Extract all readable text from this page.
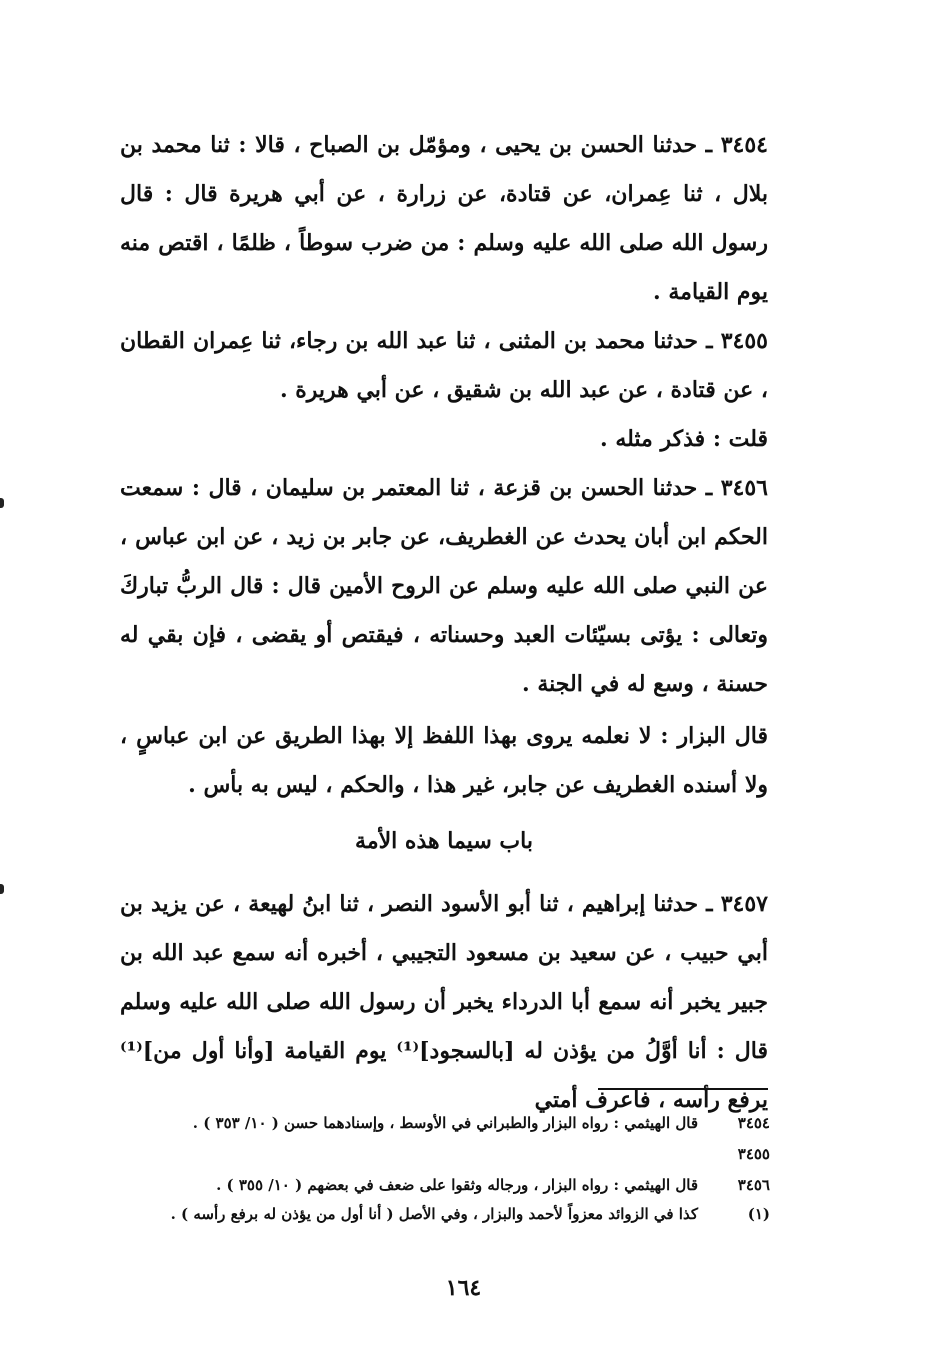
٣٤٥٤ ـ حدثنا الحسن بن يحيى ، ومؤمّل بن الصباح ، قالا : ثنا محمد بن بلال ، ثنا عِمران، عن قتادة، عن زرارة ، عن أبي هريرة قال : قال رسول الله صلى الله عليه وسلم : من ضرب سوطاً ، ظلمًا ، اقتص منه يوم القيامة .

٣٤٥٥ ـ حدثنا محمد بن المثنى ، ثنا عبد الله بن رجاء، ثنا عِمران القطان ، عن قتادة ، عن عبد الله بن شقيق ، عن أبي هريرة .

قلت : فذكر مثله .

٣٤٥٦ ـ حدثنا الحسن بن قزعة ، ثنا المعتمر بن سليمان ، قال : سمعت الحكم ابن أبان يحدث عن الغطريف، عن جابر بن زيد ، عن ابن عباس ، عن النبي صلى الله عليه وسلم عن الروح الأمين قال : قال الربُّ تباركَ وتعالى : يؤتى بسيّئات العبد وحسناته ، فيقتص أو يقضى ، فإن بقي له حسنة ، وسع له في الجنة .

قال البزار : لا نعلمه يروى بهذا اللفظ إلا بهذا الطريق عن ابن عباسٍ ، ولا أسنده الغطريف عن جابر، غير هذا ، والحكم ، ليس به بأس .

باب سيما هذه الأمة

٣٤٥٧ ـ حدثنا إبراهيم ، ثنا أبو الأسود النصر ، ثنا ابنُ لهيعة ، عن يزيد بن أبي حبيب ، عن سعيد بن مسعود التجيبي ، أخبره أنه سمع عبد الله بن جبير يخبر أنه سمع أبا الدرداء يخبر أن رسول الله صلى الله عليه وسلم قال : أنا أوَّلُ من يؤذن له [بالسجود]⁽¹⁾ يوم القيامة [وأنا أول من]⁽¹⁾ يرفع رأسه ، فاعرف أمتي

٣٤٥٤
قال الهيثمي : رواه البزار والطبراني في الأوسط ، وإسنادهما حسن ( ١٠/ ٣٥٣ ) .
٣٤٥٥
٣٤٥٦
قال الهيثمي : رواه البزار ، ورجاله وثقوا على ضعف في بعضهم ( ١٠/ ٣٥٥ ) .
(١)
كذا في الزوائد معزواً لأحمد والبزار ، وفي الأصل ( أنا أول من يؤذن له برفع رأسه ) .
١٦٤
